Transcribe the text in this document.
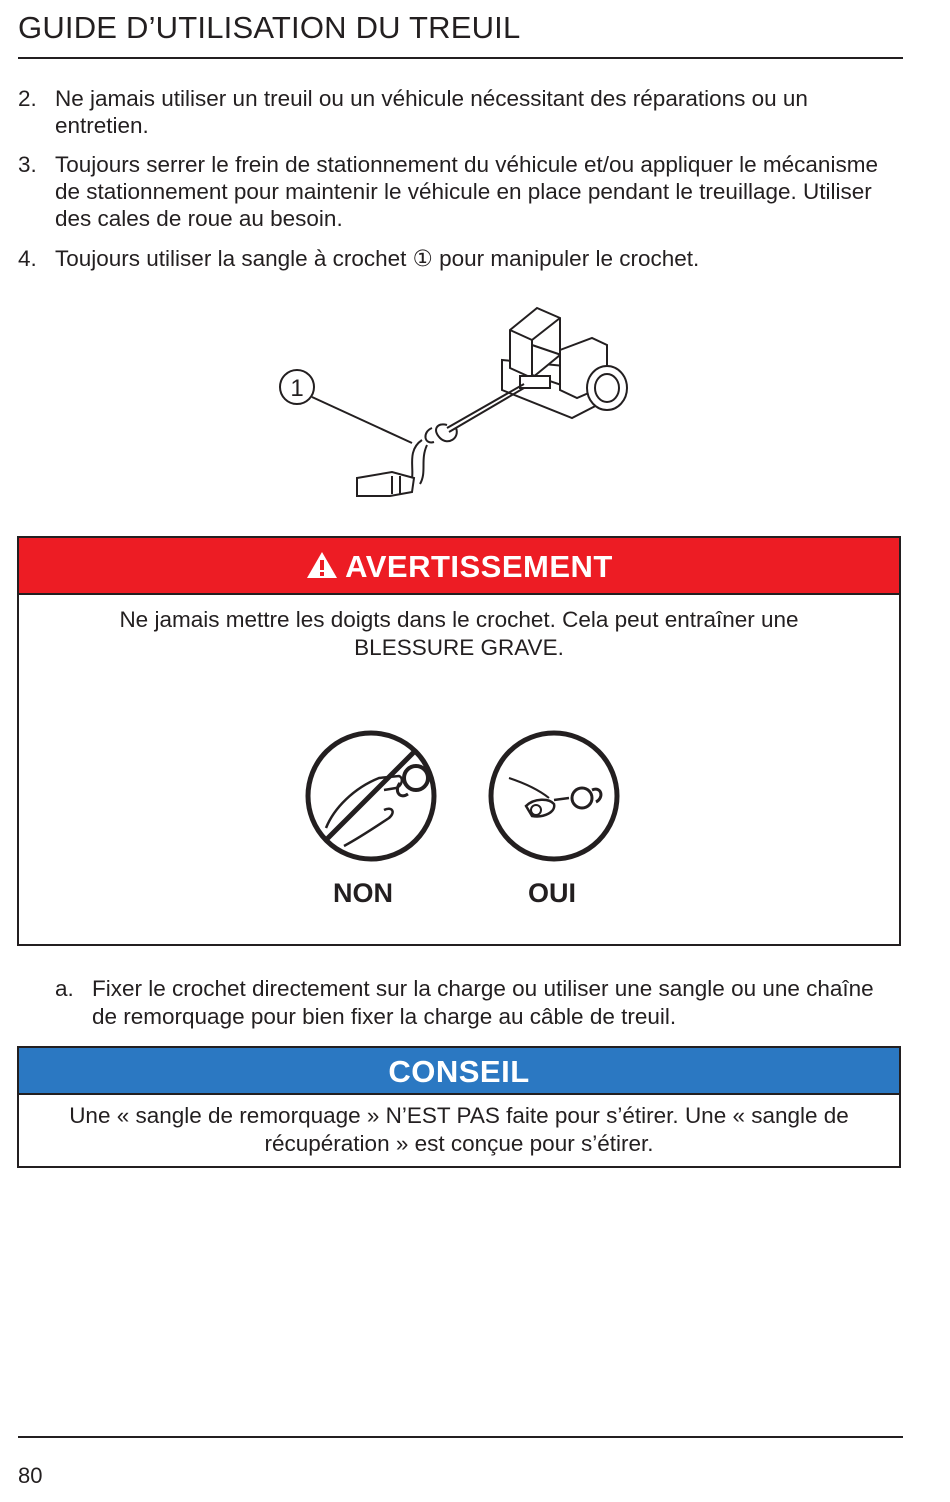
GUIDE D’UTILISATION DU TREUIL
2. Ne jamais utiliser un treuil ou un véhicule nécessitant des réparations ou un entretien.
3. Toujours serrer le frein de stationnement du véhicule et/ou appliquer le mécanisme de stationnement pour maintenir le véhicule en place pendant le treuillage. Utiliser des cales de roue au besoin.
4. Toujours utiliser la sangle à crochet ① pour manipuler le crochet.
1
AVERTISSEMENT
Ne jamais mettre les doigts dans le crochet. Cela peut entraîner une
BLESSURE GRAVE.
NON	OUI
a. Fixer le crochet directement sur la charge ou utiliser une sangle ou une chaîne de remorquage pour bien fixer la charge au câble de treuil.
CONSEIL
Une « sangle de remorquage » N’EST PAS faite pour s’étirer. Une « sangle de
récupération » est conçue pour s’étirer.
80
